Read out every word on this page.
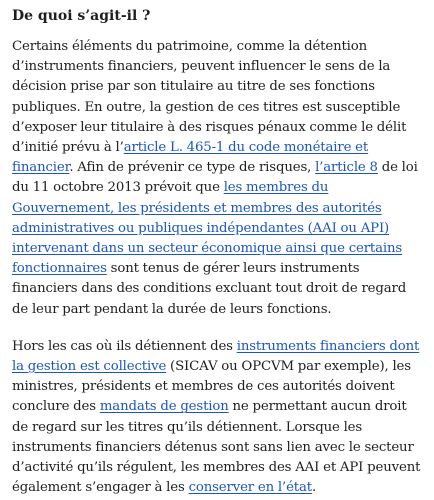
De quoi s’agit-il ?

Certains éléments du patrimoine, comme la détention d’instruments financiers, peuvent influencer le sens de la décision prise par son titulaire au titre de ses fonctions publiques. En outre, la gestion de ces titres est susceptible d’exposer leur titulaire à des risques pénaux comme le délit d’initié prévu à l’article L. 465-1 du code monétaire et financier. Afin de prévenir ce type de risques, l’article 8 de loi du 11 octobre 2013 prévoit que les membres du Gouvernement, les présidents et membres des autorités administratives ou publiques indépendantes (AAI ou API) intervenant dans un secteur économique ainsi que certains fonctionnaires sont tenus de gérer leurs instruments financiers dans des conditions excluant tout droit de regard de leur part pendant la durée de leurs fonctions.

Hors les cas où ils détiennent des instruments financiers dont la gestion est collective (SICAV ou OPCVM par exemple), les ministres, présidents et membres de ces autorités doivent conclure des mandats de gestion ne permettant aucun droit de regard sur les titres qu’ils détiennent. Lorsque les instruments financiers détenus sont sans lien avec le secteur d’activité qu’ils régulent, les membres des AAI et API peuvent également s’engager à les conserver en l’état.
